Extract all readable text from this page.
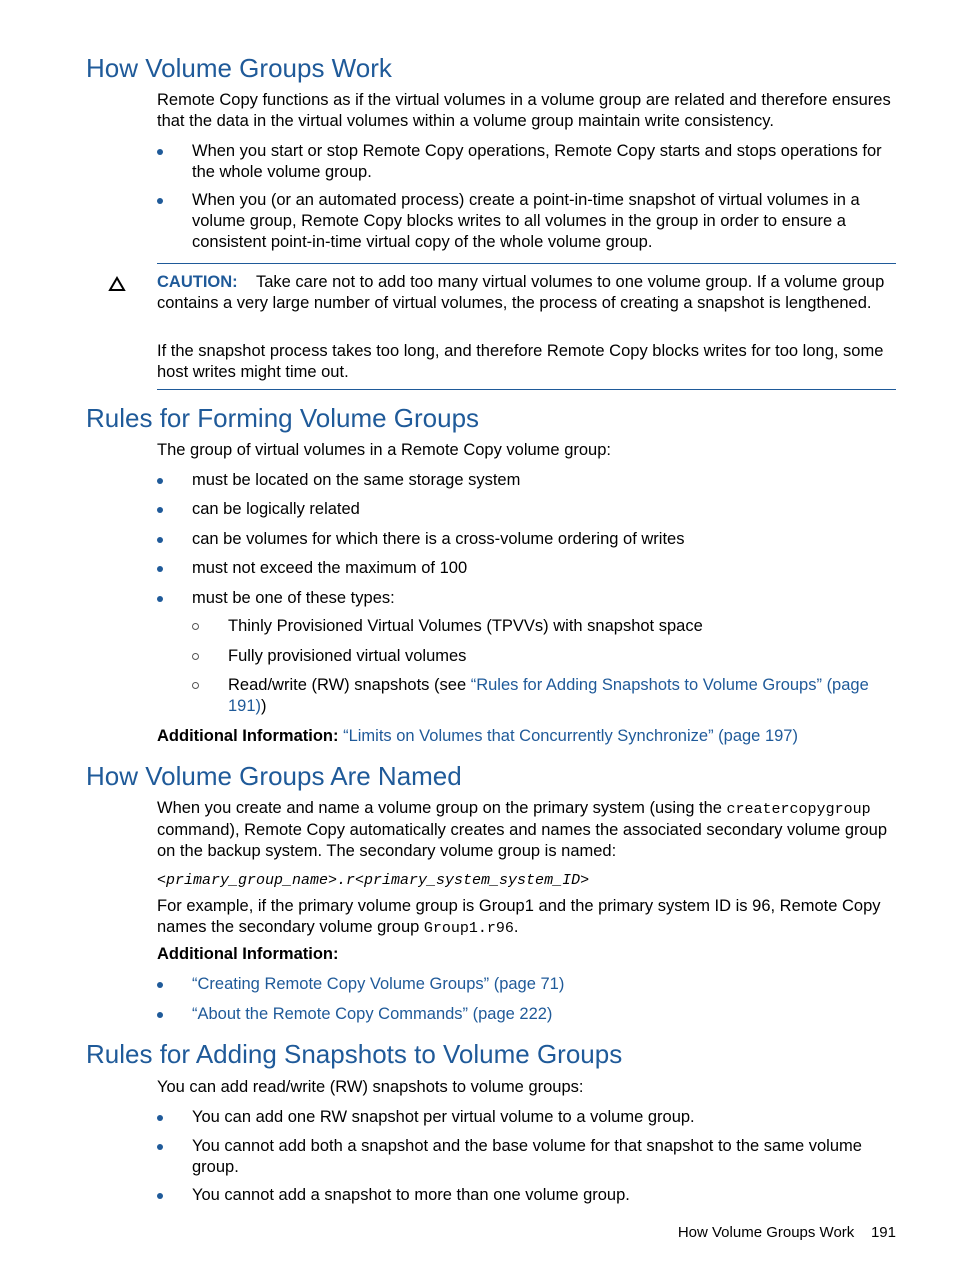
How Volume Groups Work

Remote Copy functions as if the virtual volumes in a volume group are related and therefore ensures that the data in the virtual volumes within a volume group maintain write consistency.

When you start or stop Remote Copy operations, Remote Copy starts and stops operations for the whole volume group.
When you (or an automated process) create a point-in-time snapshot of virtual volumes in a volume group, Remote Copy blocks writes to all volumes in the group in order to ensure a consistent point-in-time virtual copy of the whole volume group.

CAUTION: Take care not to add too many virtual volumes to one volume group. If a volume group contains a very large number of virtual volumes, the process of creating a snapshot is lengthened.

If the snapshot process takes too long, and therefore Remote Copy blocks writes for too long, some host writes might time out.

Rules for Forming Volume Groups

The group of virtual volumes in a Remote Copy volume group:

must be located on the same storage system
can be logically related
can be volumes for which there is a cross-volume ordering of writes
must not exceed the maximum of 100
must be one of these types:
Thinly Provisioned Virtual Volumes (TPVVs) with snapshot space
Fully provisioned virtual volumes
Read/write (RW) snapshots (see “Rules for Adding Snapshots to Volume Groups” (page 191))

Additional Information: “Limits on Volumes that Concurrently Synchronize” (page 197)

How Volume Groups Are Named

When you create and name a volume group on the primary system (using the creatercopygroup command), Remote Copy automatically creates and names the associated secondary volume group on the backup system. The secondary volume group is named:

<primary_group_name>.r<primary_system_system_ID>

For example, if the primary volume group is Group1 and the primary system ID is 96, Remote Copy names the secondary volume group Group1.r96.

Additional Information:

“Creating Remote Copy Volume Groups” (page 71)
“About the Remote Copy Commands” (page 222)
Rules for Adding Snapshots to Volume Groups

You can add read/write (RW) snapshots to volume groups:

You can add one RW snapshot per virtual volume to a volume group.
You cannot add both a snapshot and the base volume for that snapshot to the same volume group.
You cannot add a snapshot to more than one volume group.
How Volume Groups Work 191
